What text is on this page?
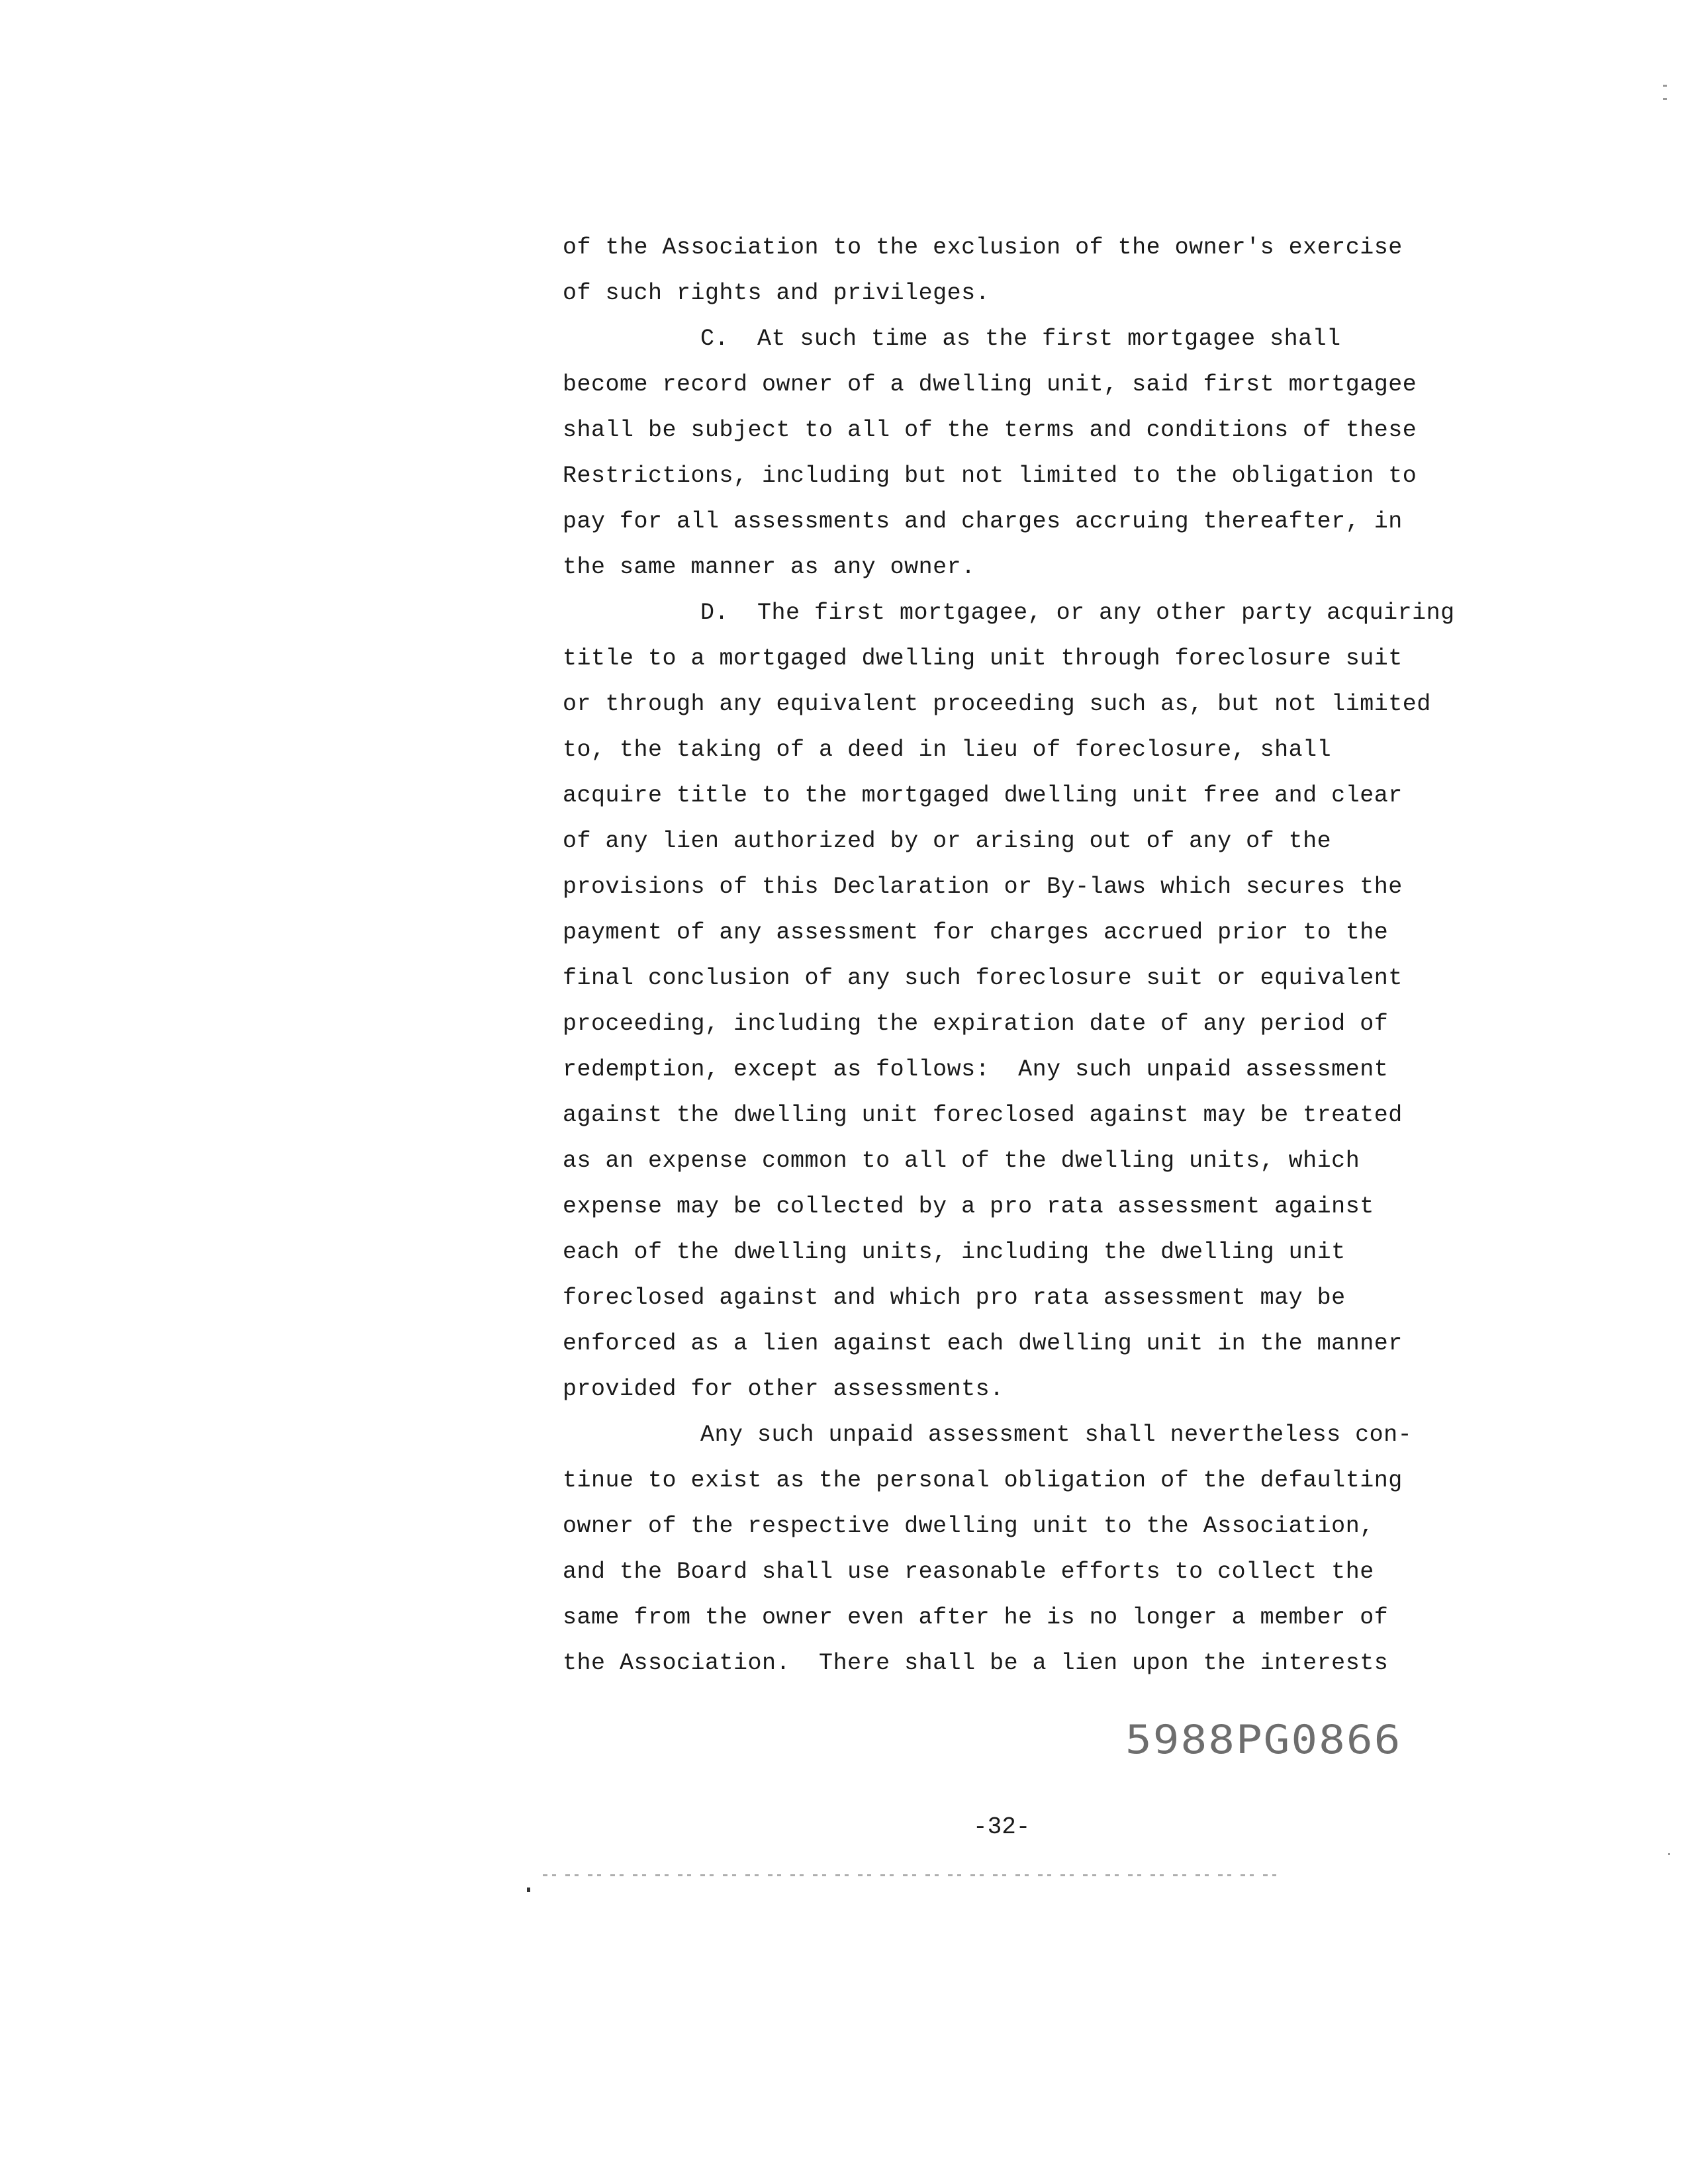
of the Association to the exclusion of the owner's exercise
of such rights and privileges.
C.  At such time as the first mortgagee shall
become record owner of a dwelling unit, said first mortgagee
shall be subject to all of the terms and conditions of these
Restrictions, including but not limited to the obligation to
pay for all assessments and charges accruing thereafter, in
the same manner as any owner.
D.  The first mortgagee, or any other party acquiring
title to a mortgaged dwelling unit through foreclosure suit
or through any equivalent proceeding such as, but not limited
to, the taking of a deed in lieu of foreclosure, shall
acquire title to the mortgaged dwelling unit free and clear
of any lien authorized by or arising out of any of the
provisions of this Declaration or By-laws which secures the
payment of any assessment for charges accrued prior to the
final conclusion of any such foreclosure suit or equivalent
proceeding, including the expiration date of any period of
redemption, except as follows:  Any such unpaid assessment
against the dwelling unit foreclosed against may be treated
as an expense common to all of the dwelling units, which
expense may be collected by a pro rata assessment against
each of the dwelling units, including the dwelling unit
foreclosed against and which pro rata assessment may be
enforced as a lien against each dwelling unit in the manner
provided for other assessments.
Any such unpaid assessment shall nevertheless con-
tinue to exist as the personal obligation of the defaulting
owner of the respective dwelling unit to the Association,
and the Board shall use reasonable efforts to collect the
same from the owner even after he is no longer a member of
the Association.  There shall be a lien upon the interests
5988PG0866
-32-
